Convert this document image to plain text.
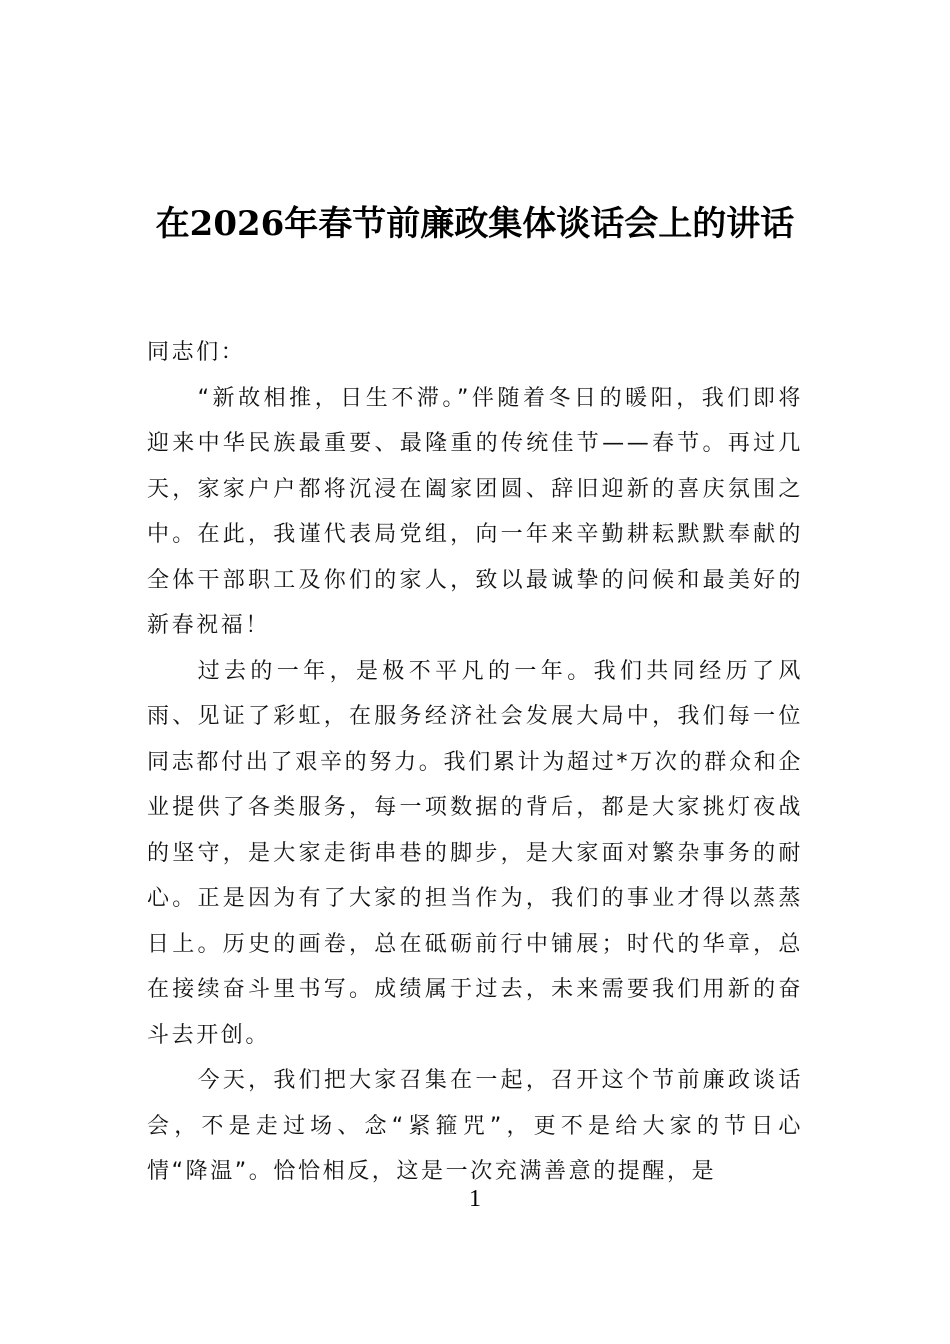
在2026年春节前廉政集体谈话会上的讲话

同志们：

“新故相推，日生不滞。”伴随着冬日的暖阳，我们即将迎来中华民族最重要、最隆重的传统佳节——春节。再过几天，家家户户都将沉浸在阖家团圆、辞旧迎新的喜庆氛围之中。在此，我谨代表局党组，向一年来辛勤耕耘默默奉献的全体干部职工及你们的家人，致以最诚挚的问候和最美好的新春祝福！

过去的一年，是极不平凡的一年。我们共同经历了风雨、见证了彩虹，在服务经济社会发展大局中，我们每一位同志都付出了艰辛的努力。我们累计为超过*万次的群众和企业提供了各类服务，每一项数据的背后，都是大家挑灯夜战的坚守，是大家走街串巷的脚步，是大家面对繁杂事务的耐心。正是因为有了大家的担当作为，我们的事业才得以蒸蒸日上。历史的画卷，总在砥砺前行中铺展；时代的华章，总在接续奋斗里书写。成绩属于过去，未来需要我们用新的奋斗去开创。

今天，我们把大家召集在一起，召开这个节前廉政谈话会，不是走过场、念“紧箍咒”，更不是给大家的节日心情“降温”。恰恰相反，这是一次充满善意的提醒，是

1
